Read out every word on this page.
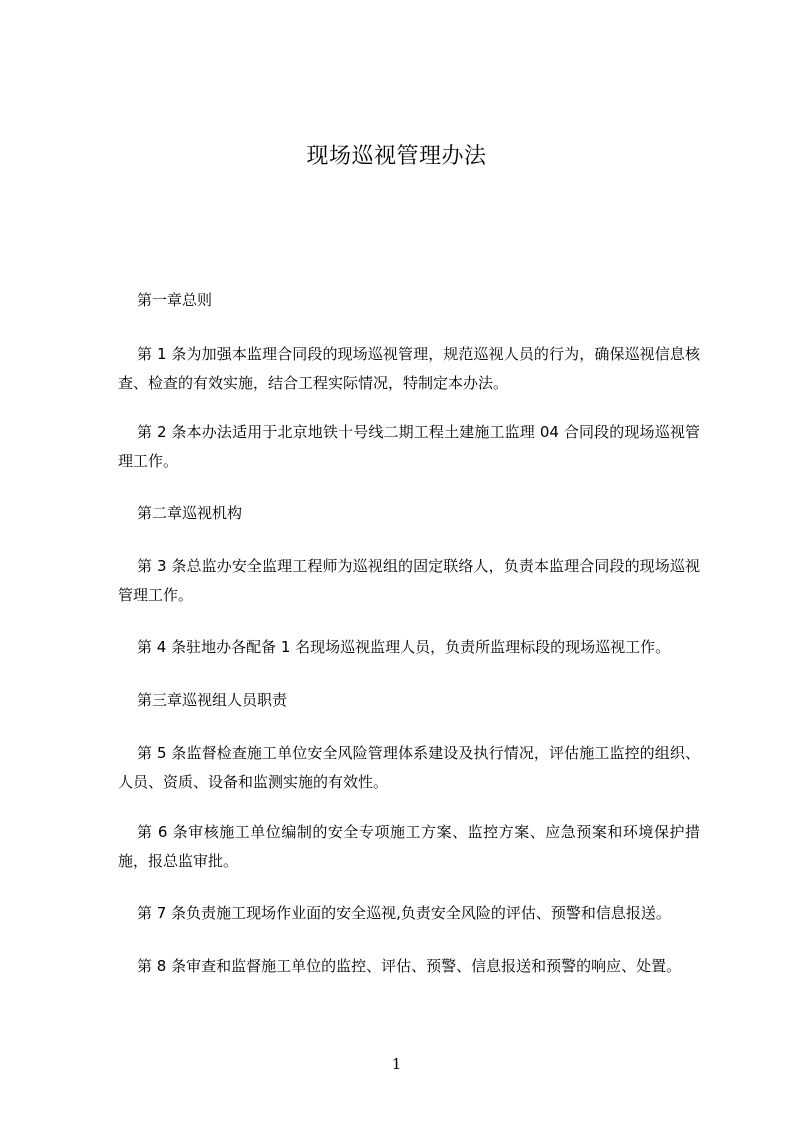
现场巡视管理办法
第一章总则
第 1 条为加强本监理合同段的现场巡视管理，规范巡视人员的行为，确保巡视信息核查、检查的有效实施，结合工程实际情况，特制定本办法。
第 2 条本办法适用于北京地铁十号线二期工程土建施工监理 04 合同段的现场巡视管理工作。
第二章巡视机构
第 3 条总监办安全监理工程师为巡视组的固定联络人，负责本监理合同段的现场巡视管理工作。
第 4 条驻地办各配备 1 名现场巡视监理人员，负责所监理标段的现场巡视工作。
第三章巡视组人员职责
第 5 条监督检查施工单位安全风险管理体系建设及执行情况，评估施工监控的组织、人员、资质、设备和监测实施的有效性。
第 6 条审核施工单位编制的安全专项施工方案、监控方案、应急预案和环境保护措施，报总监审批。
第 7 条负责施工现场作业面的安全巡视,负责安全风险的评估、预警和信息报送。
第 8 条审查和监督施工单位的监控、评估、预警、信息报送和预警的响应、处置。
1
